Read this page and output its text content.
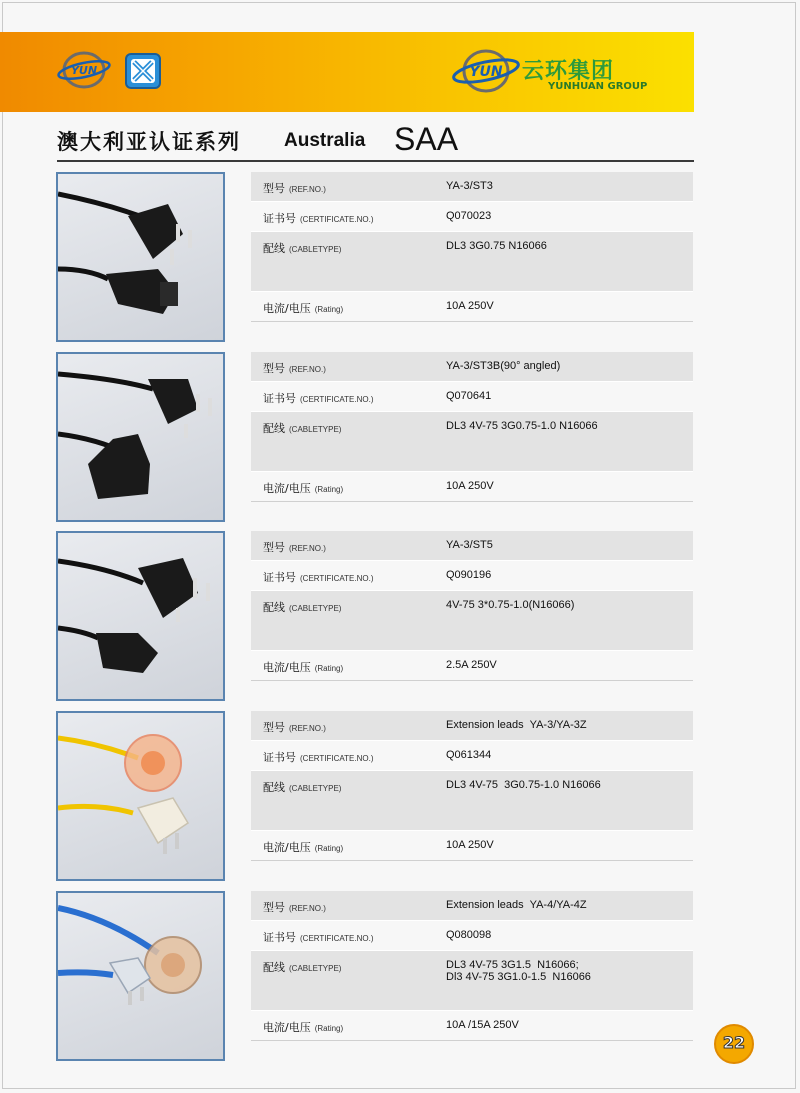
YUN	YUN 云环集团
YUNHUAN GROUP
澳大利亚认证系列 Australia SAA
型号 (REF.NO.)	YA-3/ST3
证书号 (CERTIFICATE.NO.)	Q070023
配线 (CABLETYPE)	DL3 3G0.75 N16066
电流/电压 (Rating)	10A 250V
型号 (REF.NO.)	YA-3/ST3B(90° angled)
证书号 (CERTIFICATE.NO.)	Q070641
配线 (CABLETYPE)	DL3 4V-75 3G0.75-1.0 N16066
电流/电压 (Rating)	10A 250V
型号 (REF.NO.)	YA-3/ST5
证书号 (CERTIFICATE.NO.)	Q090196
配线 (CABLETYPE)	4V-75 3*0.75-1.0(N16066)
电流/电压 (Rating)	2.5A 250V
型号 (REF.NO.)	Extension leads  YA-3/YA-3Z
证书号 (CERTIFICATE.NO.)	Q061344
配线 (CABLETYPE)	DL3 4V-75  3G0.75-1.0 N16066
电流/电压 (Rating)	10A 250V
型号 (REF.NO.)	Extension leads  YA-4/YA-4Z
证书号 (CERTIFICATE.NO.)	Q080098
配线 (CABLETYPE)	DL3 4V-75 3G1.5  N16066;
Dl3 4V-75 3G1.0-1.5  N16066
电流/电压 (Rating)	10A /15A 250V
22
